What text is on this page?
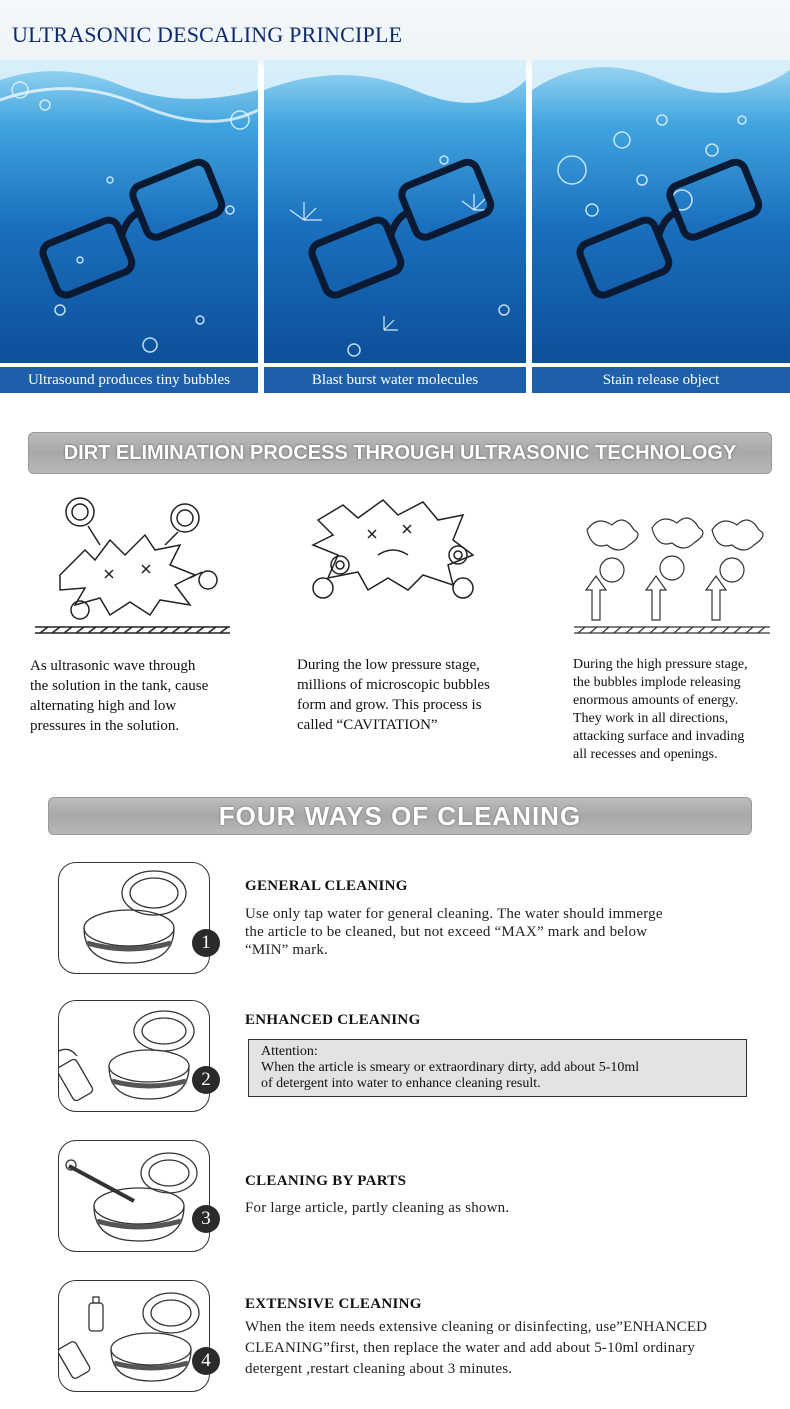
ULTRASONIC DESCALING PRINCIPLE
Ultrasound produces tiny bubbles	Blast burst water molecules	Stain release object
DIRT ELIMINATION PROCESS THROUGH ULTRASONIC TECHNOLOGY
As ultrasonic wave through
the solution in the tank, cause
alternating high and low
pressures in the solution.
During the low pressure stage,
millions of microscopic bubbles
form and grow. This process is
called “CAVITATION”
During the high pressure stage,
the bubbles implode releasing
enormous amounts of energy.
They work in all directions,
attacking surface and invading
all recesses and openings.
FOUR WAYS OF CLEANING
1
GENERAL CLEANING
Use only tap water for general cleaning. The water should immerge
the article to be cleaned, but not exceed “MAX” mark and below
“MIN” mark.
2
ENHANCED CLEANING
Attention:
When the article is smeary or extraordinary dirty, add about 5-10ml
of detergent into water to enhance cleaning result.
3
CLEANING BY PARTS
For large article, partly cleaning as shown.
4
EXTENSIVE CLEANING
When the item needs extensive cleaning or disinfecting, use”ENHANCED
CLEANING”first, then replace the water and add about 5-10ml ordinary
detergent ,restart cleaning about 3 minutes.
